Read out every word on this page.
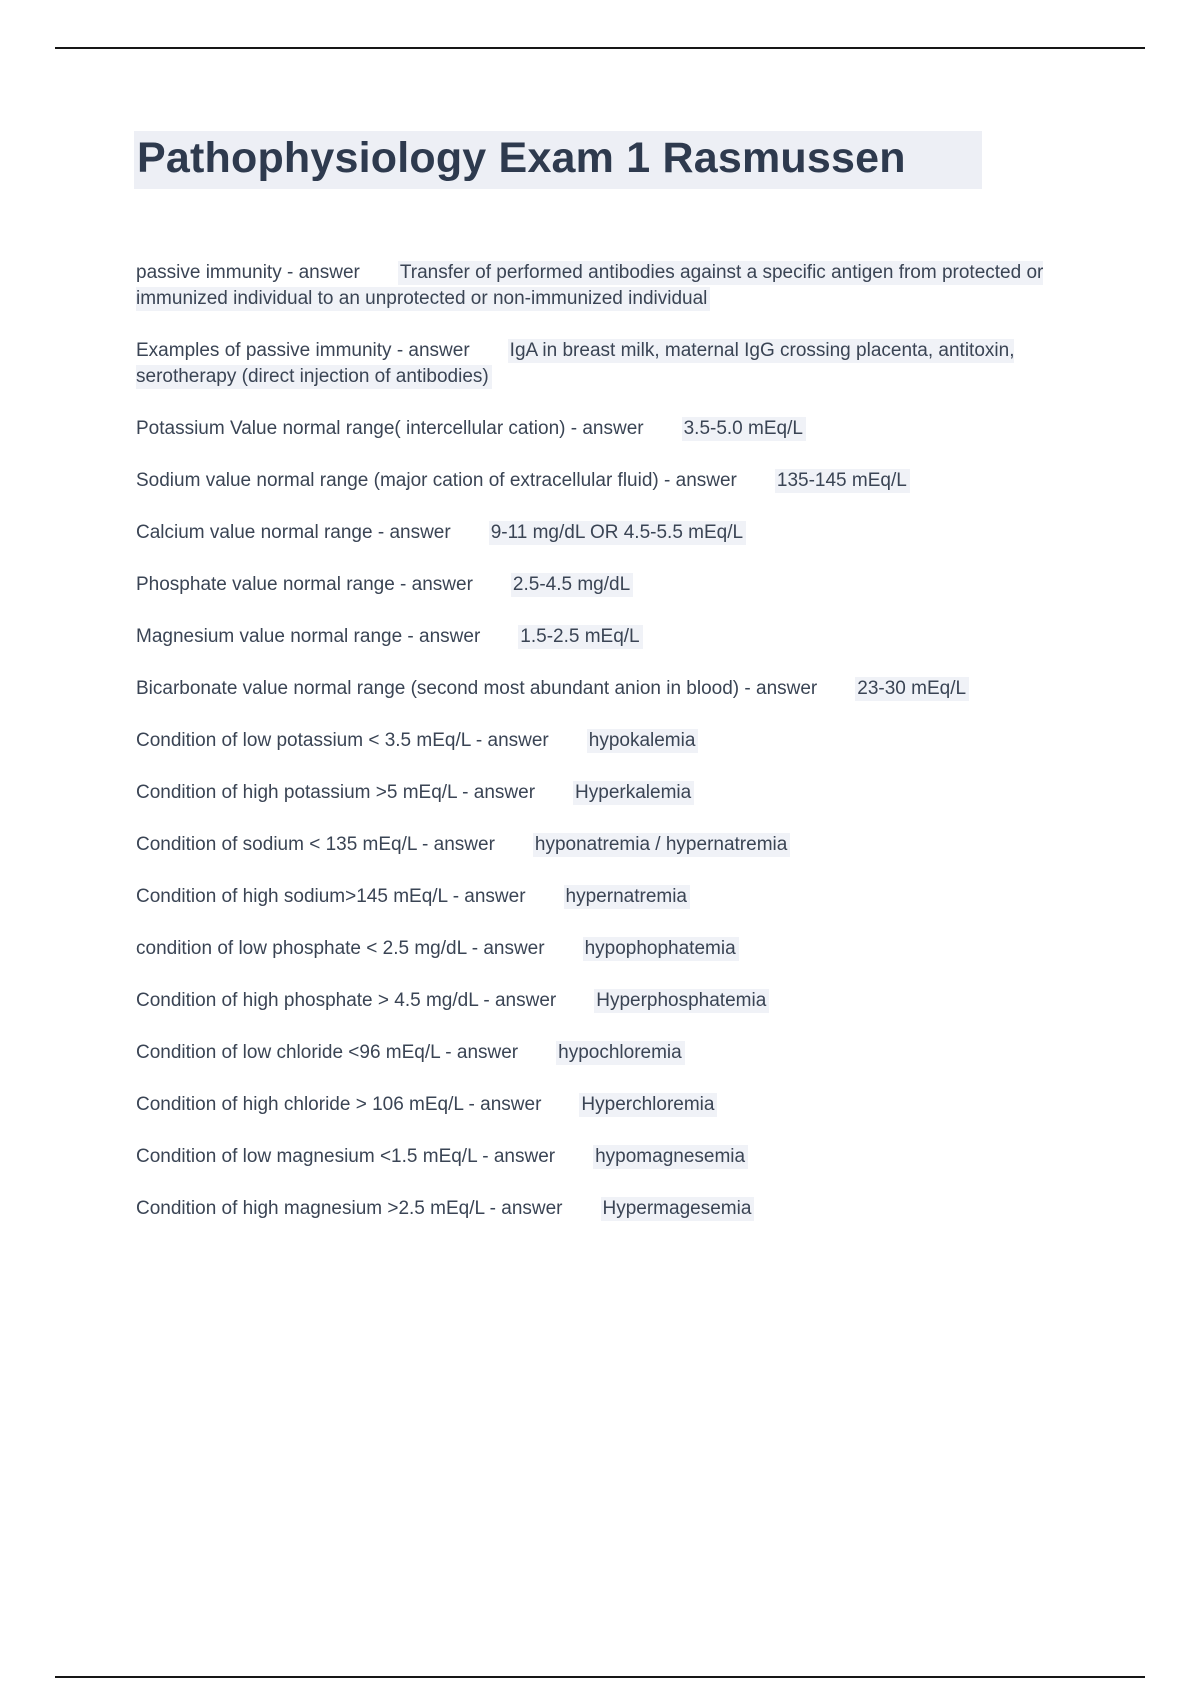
Pathophysiology Exam 1 Rasmussen

passive immunity - answer Transfer of performed antibodies against a specific antigen from protected or immunized individual to an unprotected or non-immunized individual

Examples of passive immunity - answer IgA in breast milk, maternal IgG crossing placenta, antitoxin, serotherapy (direct injection of antibodies)

Potassium Value normal range( intercellular cation) - answer 3.5-5.0 mEq/L

Sodium value normal range (major cation of extracellular fluid) - answer 135-145 mEq/L

Calcium value normal range - answer 9-11 mg/dL OR 4.5-5.5 mEq/L

Phosphate value normal range - answer 2.5-4.5 mg/dL

Magnesium value normal range - answer 1.5-2.5 mEq/L

Bicarbonate value normal range (second most abundant anion in blood) - answer 23-30 mEq/L

Condition of low potassium < 3.5 mEq/L - answer hypokalemia

Condition of high potassium >5 mEq/L - answer Hyperkalemia

Condition of sodium < 135 mEq/L - answer hyponatremia / hypernatremia

Condition of high sodium>145 mEq/L - answer hypernatremia

condition of low phosphate < 2.5 mg/dL - answer hypophophatemia

Condition of high phosphate > 4.5 mg/dL - answer Hyperphosphatemia

Condition of low chloride <96 mEq/L - answer hypochloremia

Condition of high chloride > 106 mEq/L - answer Hyperchloremia

Condition of low magnesium <1.5 mEq/L - answer hypomagnesemia

Condition of high magnesium >2.5 mEq/L - answer Hypermagesemia
